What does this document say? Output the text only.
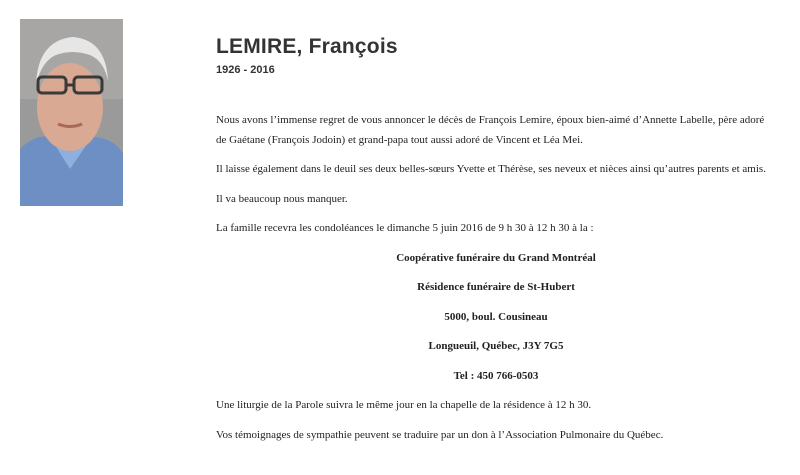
LEMIRE, François
1926 - 2016

Nous avons l’immense regret de vous annoncer le décès de François Lemire, époux bien-aimé d’Annette Labelle, père adoré de Gaétane (François Jodoin) et grand-papa tout aussi adoré de Vincent et Léa Mei.

Il laisse également dans le deuil ses deux belles-sœurs Yvette et Thérèse, ses neveux et nièces ainsi qu’autres parents et amis.

Il va beaucoup nous manquer.

La famille recevra les condoléances le dimanche 5 juin 2016 de 9 h 30 à 12 h 30 à la :

Coopérative funéraire du Grand Montréal

Résidence funéraire de St-Hubert

5000, boul. Cousineau

Longueuil, Québec, J3Y 7G5

Tel : 450 766-0503

Une liturgie de la Parole suivra le même jour en la chapelle de la résidence à 12 h 30.

Vos témoignages de sympathie peuvent se traduire par un don à l’Association Pulmonaire du Québec.
